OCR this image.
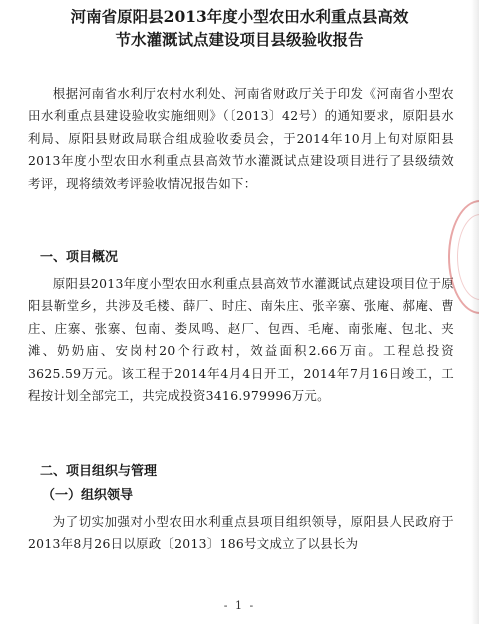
河南省原阳县2013年度小型农田水利重点县高效
节水灌溉试点建设项目县级验收报告

根据河南省水利厅农村水利处、河南省财政厅关于印发《河南省小型农田水利重点县建设验收实施细则》（〔2013〕42号）的通知要求，原阳县水利局、原阳县财政局联合组成验收委员会，于2014年10月上旬对原阳县2013年度小型农田水利重点县高效节水灌溉试点建设项目进行了县级绩效考评，现将绩效考评验收情况报告如下：

一、项目概况

原阳县2013年度小型农田水利重点县高效节水灌溉试点建设项目位于原阳县靳堂乡，共涉及毛楼、薛厂、时庄、南朱庄、张辛寨、张庵、郝庵、曹庄、庄寨、张寨、包南、娄凤鸣、赵厂、包西、毛庵、南张庵、包北、夹滩、奶奶庙、安岗村20个行政村，效益面积2.66万亩。工程总投资3625.59万元。该工程于2014年4月4日开工，2014年7月16日竣工，工程按计划全部完工，共完成投资3416.979996万元。

二、项目组织与管理
（一）组织领导

为了切实加强对小型农田水利重点县项目组织领导，原阳县人民政府于2013年8月26日以原政〔2013〕186号文成立了以县长为

- 1 -
